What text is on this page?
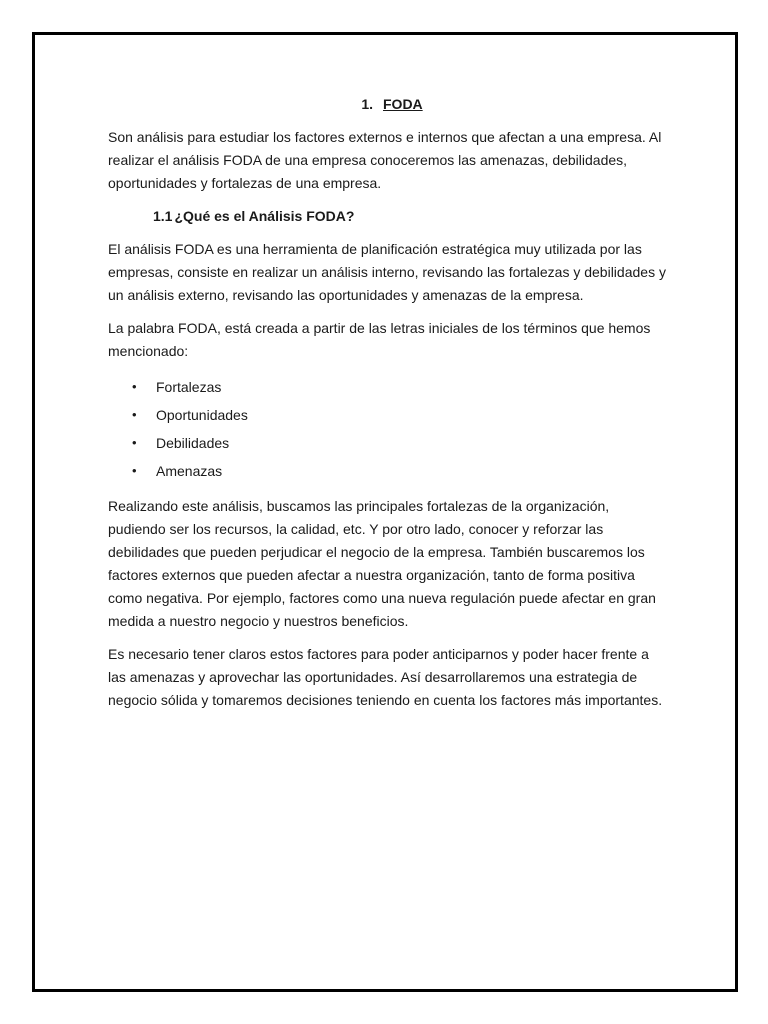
1. FODA

Son análisis para estudiar los factores externos e internos que afectan a una empresa. Al realizar el análisis FODA de una empresa conoceremos las amenazas, debilidades, oportunidades y fortalezas de una empresa.

1.1 ¿Qué es el Análisis FODA?

El análisis FODA es una herramienta de planificación estratégica muy utilizada por las empresas, consiste en realizar un análisis interno, revisando las fortalezas y debilidades y un análisis externo, revisando las oportunidades y amenazas de la empresa.

La palabra FODA, está creada a partir de las letras iniciales de los términos que hemos mencionado:

• Fortalezas
• Oportunidades
• Debilidades
• Amenazas

Realizando este análisis, buscamos las principales fortalezas de la organización, pudiendo ser los recursos, la calidad, etc. Y por otro lado, conocer y reforzar las debilidades que pueden perjudicar el negocio de la empresa. También buscaremos los factores externos que pueden afectar a nuestra organización, tanto de forma positiva como negativa. Por ejemplo, factores como una nueva regulación puede afectar en gran medida a nuestro negocio y nuestros beneficios.

Es necesario tener claros estos factores para poder anticiparnos y poder hacer frente a las amenazas y aprovechar las oportunidades. Así desarrollaremos una estrategia de negocio sólida y tomaremos decisiones teniendo en cuenta los factores más importantes.
